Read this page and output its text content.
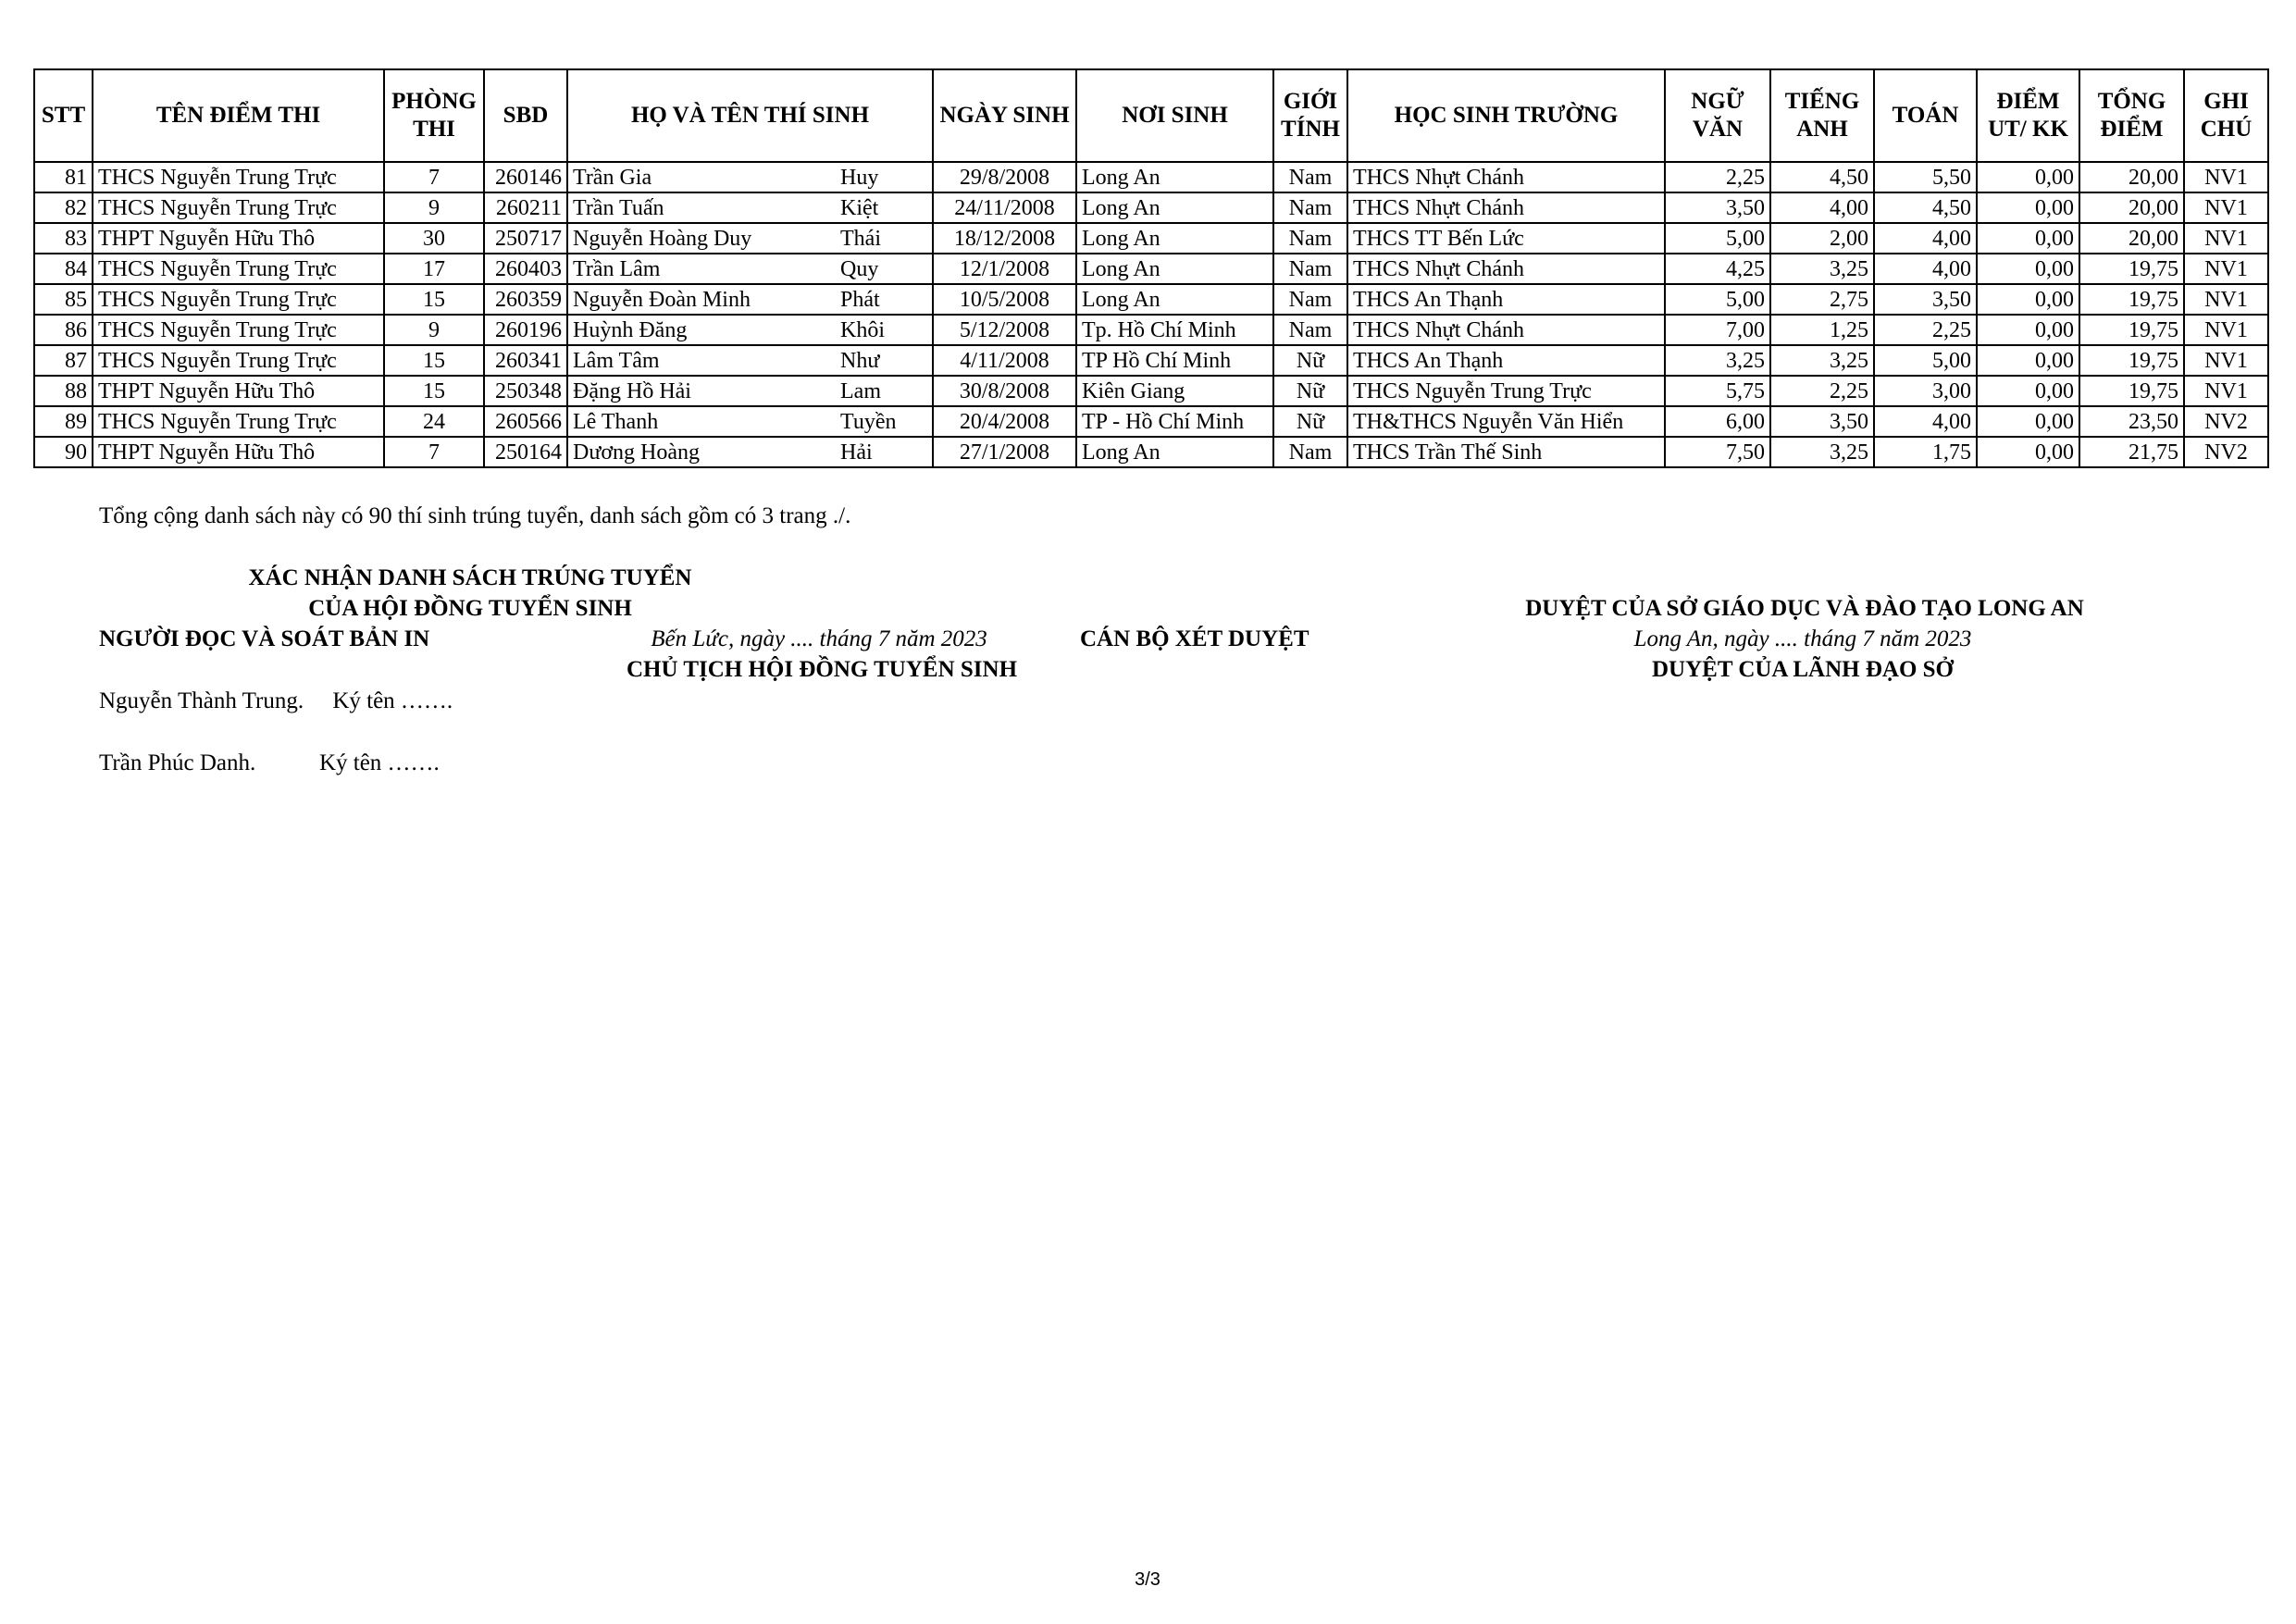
STT	TÊN ĐIỂM THI	PHÒNG THI	SBD	HỌ VÀ TÊN THÍ SINH	NGÀY SINH	NƠI SINH	GIỚI TÍNH	HỌC SINH TRƯỜNG	NGỮ VĂN	TIẾNG ANH	TOÁN	ĐIỂM UT/ KK	TỔNG ĐIỂM	GHI CHÚ
81	THCS Nguyễn Trung Trực	7	260146	Trần Gia Huy	29/8/2008	Long An	Nam	THCS Nhựt Chánh	2,25	4,50	5,50	0,00	20,00	NV1
82	THCS Nguyễn Trung Trực	9	260211	Trần Tuấn Kiệt	24/11/2008	Long An	Nam	THCS Nhựt Chánh	3,50	4,00	4,50	0,00	20,00	NV1
83	THPT Nguyễn Hữu Thô	30	250717	Nguyễn Hoàng Duy Thái	18/12/2008	Long An	Nam	THCS TT Bến Lức	5,00	2,00	4,00	0,00	20,00	NV1
84	THCS Nguyễn Trung Trực	17	260403	Trần Lâm Quy	12/1/2008	Long An	Nam	THCS Nhựt Chánh	4,25	3,25	4,00	0,00	19,75	NV1
85	THCS Nguyễn Trung Trực	15	260359	Nguyễn Đoàn Minh Phát	10/5/2008	Long An	Nam	THCS An Thạnh	5,00	2,75	3,50	0,00	19,75	NV1
86	THCS Nguyễn Trung Trực	9	260196	Huỳnh Đăng Khôi	5/12/2008	Tp. Hồ Chí Minh	Nam	THCS Nhựt Chánh	7,00	1,25	2,25	0,00	19,75	NV1
87	THCS Nguyễn Trung Trực	15	260341	Lâm Tâm Như	4/11/2008	TP Hồ Chí Minh	Nữ	THCS An Thạnh	3,25	3,25	5,00	0,00	19,75	NV1
88	THPT Nguyễn Hữu Thô	15	250348	Đặng Hồ Hải Lam	30/8/2008	Kiên Giang	Nữ	THCS Nguyễn Trung Trực	5,75	2,25	3,00	0,00	19,75	NV1
89	THCS Nguyễn Trung Trực	24	260566	Lê Thanh Tuyền	20/4/2008	TP - Hồ Chí Minh	Nữ	TH&THCS Nguyễn Văn Hiển	6,00	3,50	4,00	0,00	23,50	NV2
90	THPT Nguyễn Hữu Thô	7	250164	Dương Hoàng Hải	27/1/2008	Long An	Nam	THCS Trần Thế Sinh	7,50	3,25	1,75	0,00	21,75	NV2
Tổng cộng danh sách này có 90 thí sinh trúng tuyển, danh sách gồm có 3 trang ./.
XÁC NHẬN DANH SÁCH TRÚNG TUYỂN
CỦA HỘI ĐỒNG TUYỂN SINH
NGƯỜI ĐỌC VÀ SOÁT BẢN IN	Bến Lức, ngày .... tháng 7 năm 2023
CHỦ TỊCH HỘI ĐỒNG TUYỂN SINH
CÁN BỘ XÉT DUYỆT
DUYỆT CỦA SỞ GIÁO DỤC VÀ ĐÀO TẠO LONG AN
Long An, ngày .... tháng 7 năm 2023
DUYỆT CỦA LÃNH ĐẠO SỞ
Nguyễn Thành Trung.     Ký tên …….
Trần Phúc Danh.           Ký tên …….
3/3
